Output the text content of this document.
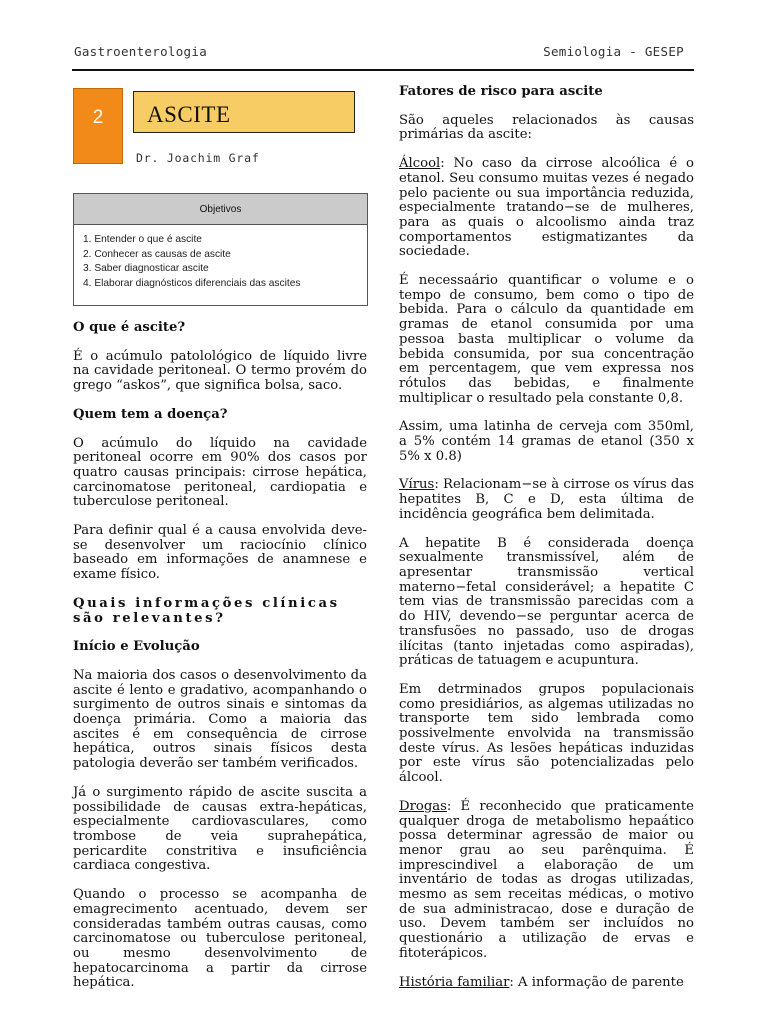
Gastroenterologia	Semiologia - GESEP
2	ASCITE
Dr. Joachim Graf
Objetivos
1. Entender o que é ascite
2. Conhecer as causas de ascite
3. Saber diagnosticar ascite
4. Elaborar diagnósticos diferenciais das ascites
O que é ascite?

É o acúmulo patolológico de líquido livre na cavidade peritoneal. O termo provém do grego “askos”, que significa bolsa, saco.

Quem tem a doença?

O acúmulo do líquido na cavidade peritoneal ocorre em 90% dos casos por quatro causas principais: cirrose hepática, carcinomatose peritoneal, cardiopatia e tuberculose peritoneal.

Para definir qual é a causa envolvida deve-se desenvolver um raciocínio clínico baseado em informações de anamnese e exame físico.

Quais informações clínicas são relevantes?
Início e Evolução

Na maioria dos casos o desenvolvimento da ascite é lento e gradativo, acompanhando o surgimento de outros sinais e sintomas da doença primária. Como a maioria das ascites é em consequência de cirrose hepática, outros sinais físicos desta patologia deverão ser também verificados.

Já o surgimento rápido de ascite suscita a possibilidade de causas extra-hepáticas, especialmente cardiovasculares, como trombose de veia suprahepática, pericardite constritiva e insuficiência cardiaca congestiva.

Quando o processo se acompanha de emagrecimento acentuado, devem ser consideradas também outras causas, como carcinomatose ou tuberculose peritoneal, ou mesmo desenvolvimento de hepatocarcinoma a partir da cirrose hepática.

Fatores de risco para ascite

São aqueles relacionados às causas primárias da ascite:

Álcool: No caso da cirrose alcoólica é o etanol. Seu consumo muitas vezes é negado pelo paciente ou sua importância reduzida, especialmente tratando−se de mulheres, para as quais o alcoolismo ainda traz comportamentos estigmatizantes da sociedade.

É necessaário quantificar o volume e o tempo de consumo, bem como o tipo de bebida. Para o cálculo da quantidade em gramas de etanol consumida por uma pessoa basta multiplicar o volume da bebida consumida, por sua concentração em percentagem, que vem expressa nos rótulos das bebidas, e finalmente multiplicar o resultado pela constante 0,8.

Assim, uma latinha de cerveja com 350ml, a 5% contém 14 gramas de etanol (350 x 5% x 0.8)

Vírus: Relacionam−se à cirrose os vírus das hepatites B, C e D, esta última de incidência geográfica bem delimitada.

A hepatite B é considerada doença sexualmente transmissível, além de apresentar transmissão vertical materno−fetal considerável; a hepatite C tem vias de transmissão parecidas com a do HIV, devendo−se perguntar acerca de transfusões no passado, uso de drogas ilícitas (tanto injetadas como aspiradas), práticas de tatuagem e acupuntura.

Em detrminados grupos populacionais como presidiários, as algemas utilizadas no transporte tem sido lembrada como possivelmente envolvida na transmissão deste vírus. As lesões hepáticas induzidas por este vírus são potencializadas pelo álcool.

Drogas: É reconhecido que praticamente qualquer droga de metabolismo hepaático possa determinar agressão de maior ou menor grau ao seu parênquima. É imprescindivel a elaboração de um inventário de todas as drogas utilizadas, mesmo as sem receitas médicas, o motivo de sua administracao, dose e duração de uso. Devem também ser incluídos no questionário a utilização de ervas e fitoterápicos.

História familiar: A informação de parente
